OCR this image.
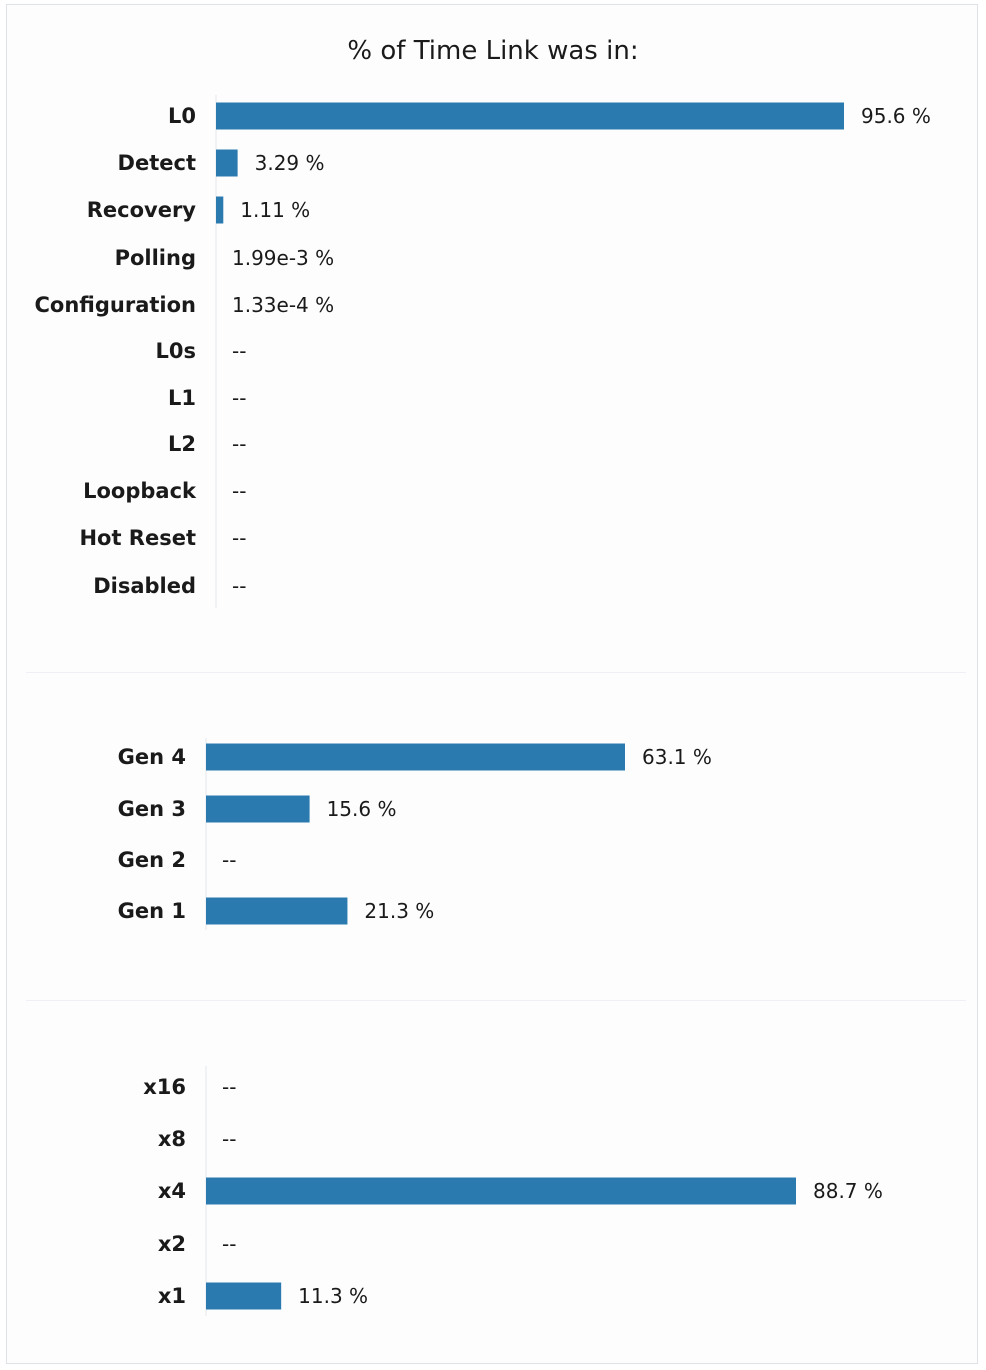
% of Time Link was in:
L0	95.6 %
Detect	3.29 %
Recovery 1.11 %
Polling 1.99e-3 %
Configuration 1.33e-4 %
L0s --
L1 --
L2 --
Loopback --
Hot Reset --
Disabled --
Gen 4	63.1 %
Gen 3	15.6 %
Gen 2 --
Gen 1	21.3 %
x16 --
x8 --
x4	88.7 %
x2 --
x1	11.3 %
